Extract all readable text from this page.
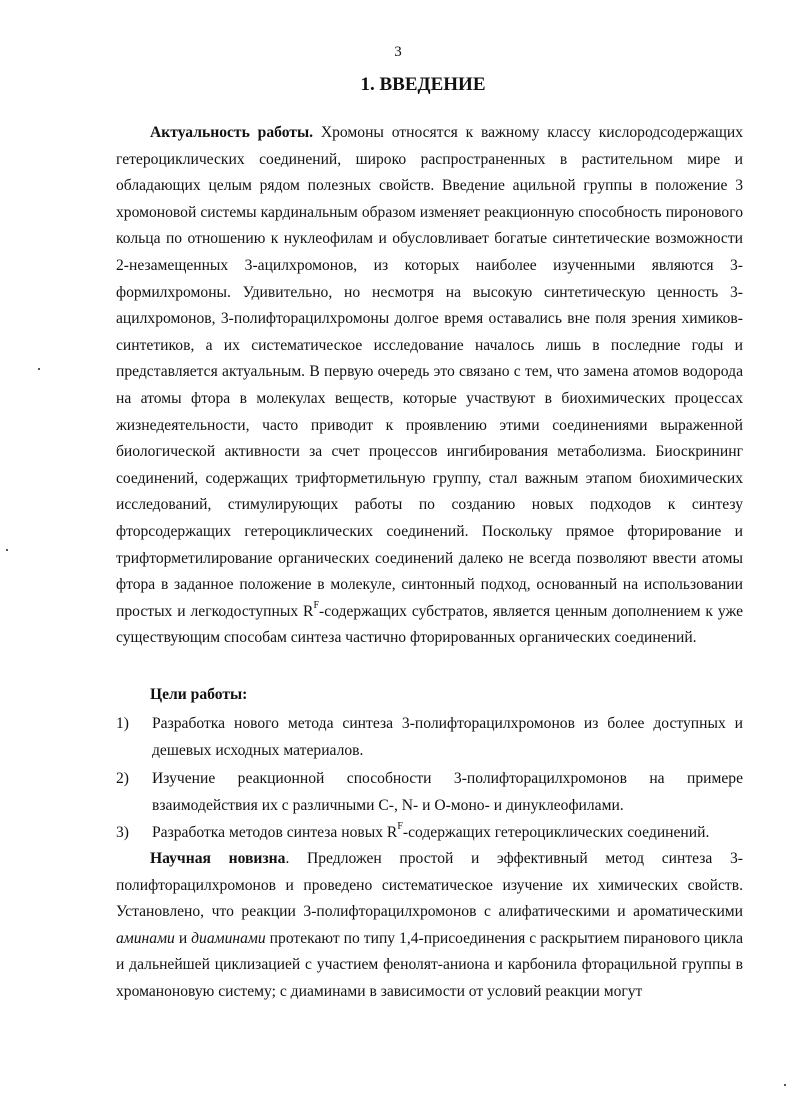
3
1. ВВЕДЕНИЕ
Актуальность работы. Хромоны относятся к важному классу кислородсодержащих гетероциклических соединений, широко распространенных в растительном мире и обладающих целым рядом полезных свойств. Введение ацильной группы в положение 3 хромоновой системы кардинальным образом изменяет реакционную способность пиронового кольца по отношению к нуклеофилам и обусловливает богатые синтетические возможности 2-незамещенных 3-ацилхромонов, из которых наиболее изученными являются 3-формилхромоны. Удивительно, но несмотря на высокую синтетическую ценность 3-ацилхромонов, 3-полифторацилхромоны долгое время оставались вне поля зрения химиков-синтетиков, а их систематическое исследование началось лишь в последние годы и представляется актуальным. В первую очередь это связано с тем, что замена атомов водорода на атомы фтора в молекулах веществ, которые участвуют в биохимических процессах жизнедеятельности, часто приводит к проявлению этими соединениями выраженной биологической активности за счет процессов ингибирования метаболизма. Биоскрининг соединений, содержащих трифторметильную группу, стал важным этапом биохимических исследований, стимулирующих работы по созданию новых подходов к синтезу фторсодержащих гетероциклических соединений. Поскольку прямое фторирование и трифторметилирование органических соединений далеко не всегда позволяют ввести атомы фтора в заданное положение в молекуле, синтонный подход, основанный на использовании простых и легкодоступных $R^F$-содержащих субстратов, является ценным дополнением к уже существующим способам синтеза частично фторированных органических соединений.
Цели работы:
1) Разработка нового метода синтеза 3-полифторацилхромонов из более доступных и дешевых исходных материалов.
2) Изучение реакционной способности 3-полифторацилхромонов на примере взаимодействия их с различными С-, N- и О-моно- и динуклеофилами.
3) Разработка методов синтеза новых $R^F$-содержащих гетероциклических соединений.
Научная новизна. Предложен простой и эффективный метод синтеза 3-полифторацилхромонов и проведено систематическое изучение их химических свойств. Установлено, что реакции 3-полифторацилхромонов с алифатическими и ароматическими аминами и диаминами протекают по типу 1,4-присоединения с раскрытием пиранового цикла и дальнейшей циклизацией с участием фенолят-аниона и карбонила фторацильной группы в хроманоновую систему; с диаминами в зависимости от условий реакции могут
